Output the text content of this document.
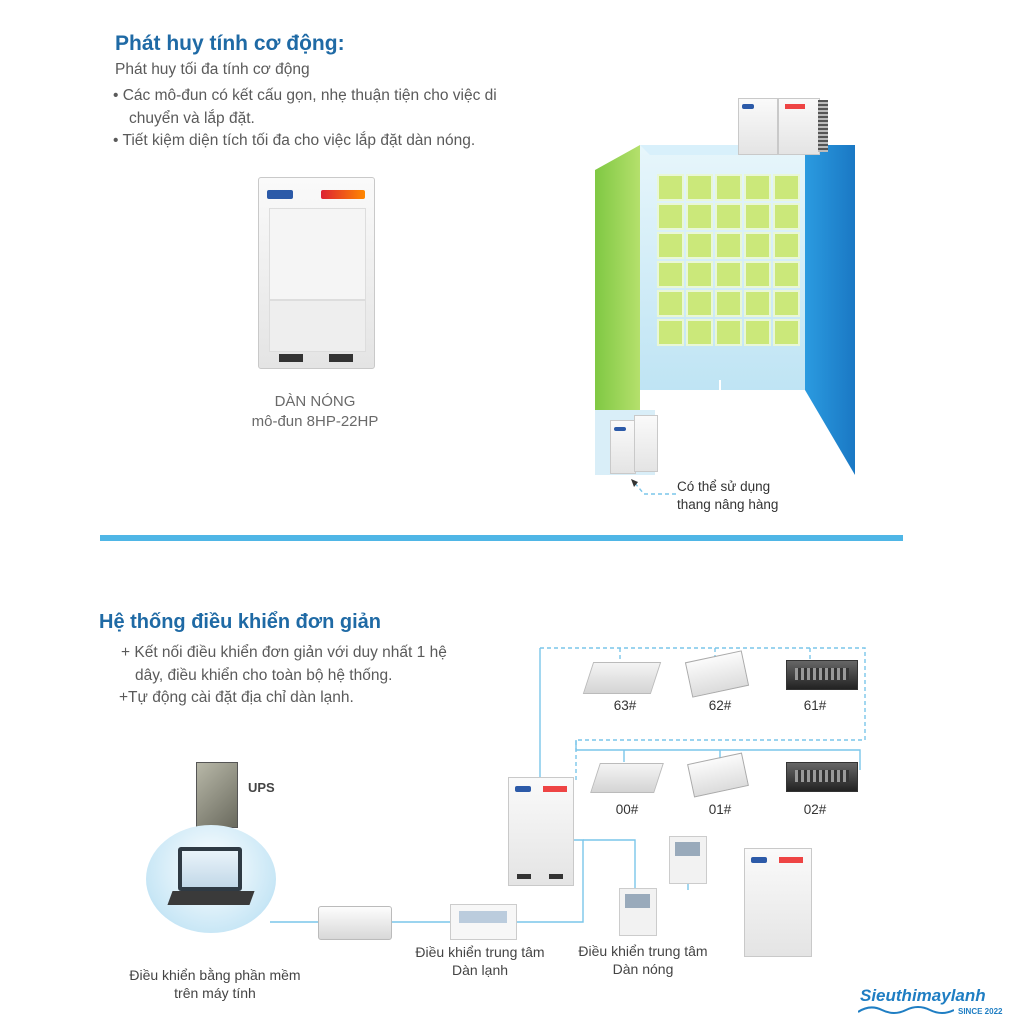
Phát huy tính cơ động:
Phát huy tối đa tính cơ động
• Các mô-đun có kết cấu gọn, nhẹ thuận tiện cho việc di
chuyển và lắp đặt.
• Tiết kiệm diện tích tối đa cho việc lắp đặt dàn nóng.
DÀN NÓNG
mô-đun 8HP-22HP
Có thể sử dụng
thang nâng hàng
Hệ thống điều khiển đơn giản
+ Kết nối điều khiển đơn giản với duy nhất 1 hệ
dây, điều khiển cho toàn bộ hệ thống.
+Tự động cài đặt địa chỉ dàn lạnh.	63#	62#	61#
00#	01#	02#
Điều khiển trung tâm
Dàn nóng
Điều khiển trung tâm
Dàn lạnh
UPS
Điều khiển bằng phần mềm
trên máy tính	Sieuthimaylanh
SINCE 2022
